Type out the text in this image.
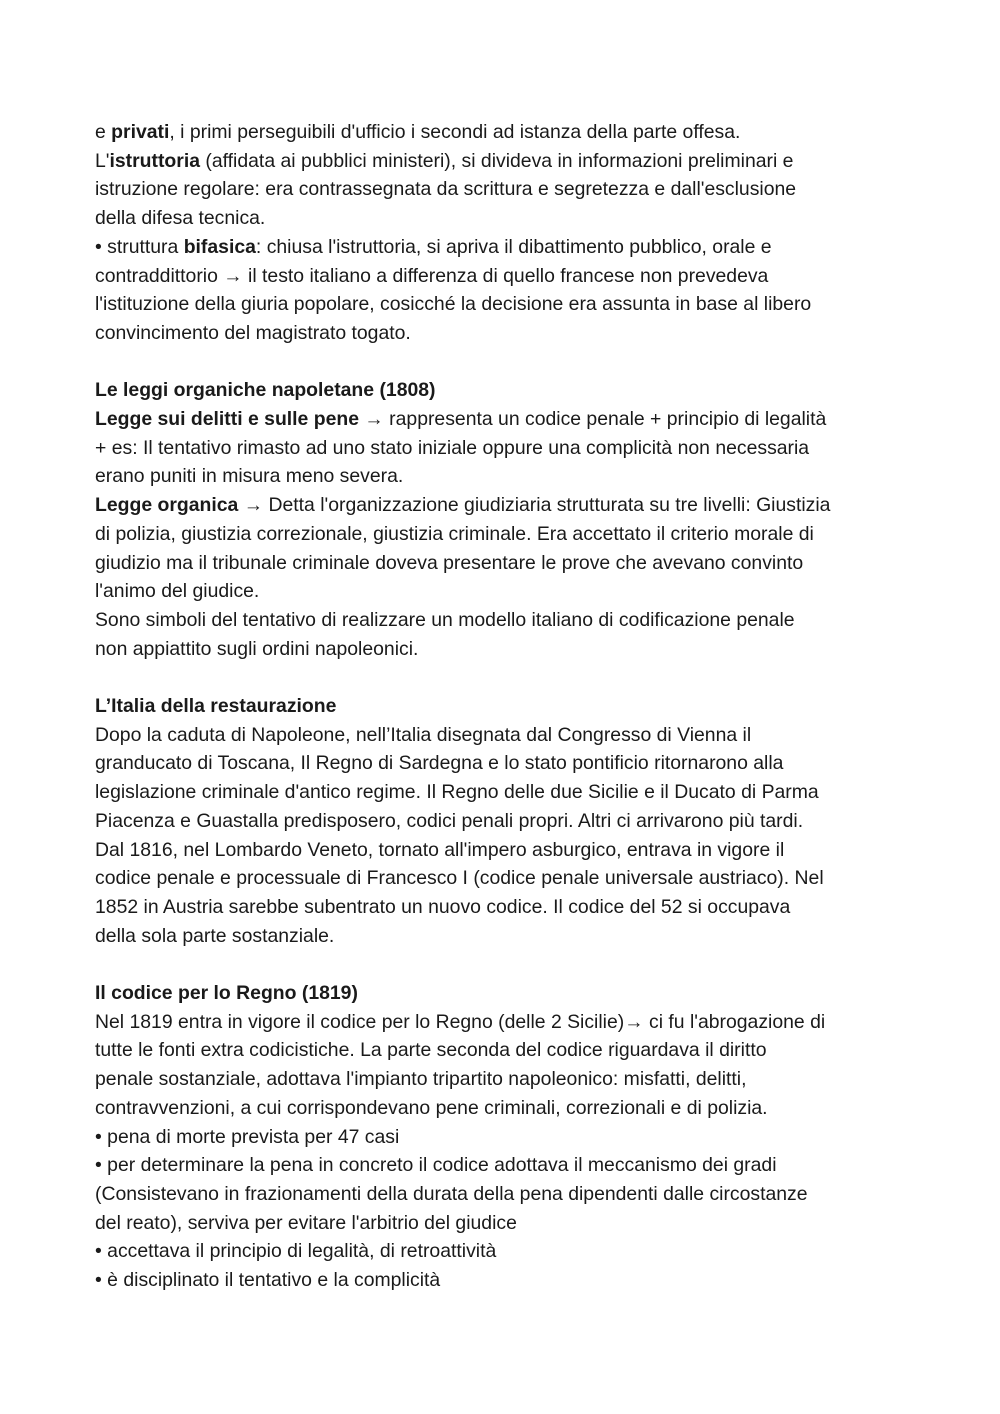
e privati, i primi perseguibili d'ufficio i secondi ad istanza della parte offesa.

L'istruttoria (affidata ai pubblici ministeri), si divideva in informazioni preliminari e

istruzione regolare: era contrassegnata da scrittura e segretezza e dall'esclusione

della difesa tecnica.

• struttura bifasica: chiusa l'istruttoria, si apriva il dibattimento pubblico, orale e

contraddittorio → il testo italiano a differenza di quello francese non prevedeva

l'istituzione della giuria popolare, cosicché la decisione era assunta in base al libero

convincimento del magistrato togato.

Le leggi organiche napoletane (1808)

Legge sui delitti e sulle pene → rappresenta un codice penale + principio di legalità

+ es: Il tentativo rimasto ad uno stato iniziale oppure una complicità non necessaria

erano puniti in misura meno severa.

Legge organica → Detta l'organizzazione giudiziaria strutturata su tre livelli: Giustizia

di polizia, giustizia correzionale, giustizia criminale. Era accettato il criterio morale di

giudizio ma il tribunale criminale doveva presentare le prove che avevano convinto

l'animo del giudice.

Sono simboli del tentativo di realizzare un modello italiano di codificazione penale

non appiattito sugli ordini napoleonici.

L’Italia della restaurazione

Dopo la caduta di Napoleone, nell’Italia disegnata dal Congresso di Vienna il

granducato di Toscana, Il Regno di Sardegna e lo stato pontificio ritornarono alla

legislazione criminale d'antico regime. Il Regno delle due Sicilie e il Ducato di Parma

Piacenza e Guastalla predisposero, codici penali propri. Altri ci arrivarono più tardi.

Dal 1816, nel Lombardo Veneto, tornato all'impero asburgico, entrava in vigore il

codice penale e processuale di Francesco I (codice penale universale austriaco). Nel

1852 in Austria sarebbe subentrato un nuovo codice. Il codice del 52 si occupava

della sola parte sostanziale.

Il codice per lo Regno (1819)

Nel 1819 entra in vigore il codice per lo Regno (delle 2 Sicilie)→ ci fu l'abrogazione di

tutte le fonti extra codicistiche. La parte seconda del codice riguardava il diritto

penale sostanziale, adottava l'impianto tripartito napoleonico: misfatti, delitti,

contravvenzioni, a cui corrispondevano pene criminali, correzionali e di polizia.

• pena di morte prevista per 47 casi

• per determinare la pena in concreto il codice adottava il meccanismo dei gradi

(Consistevano in frazionamenti della durata della pena dipendenti dalle circostanze

del reato), serviva per evitare l'arbitrio del giudice

• accettava il principio di legalità, di retroattività

• è disciplinato il tentativo e la complicità
